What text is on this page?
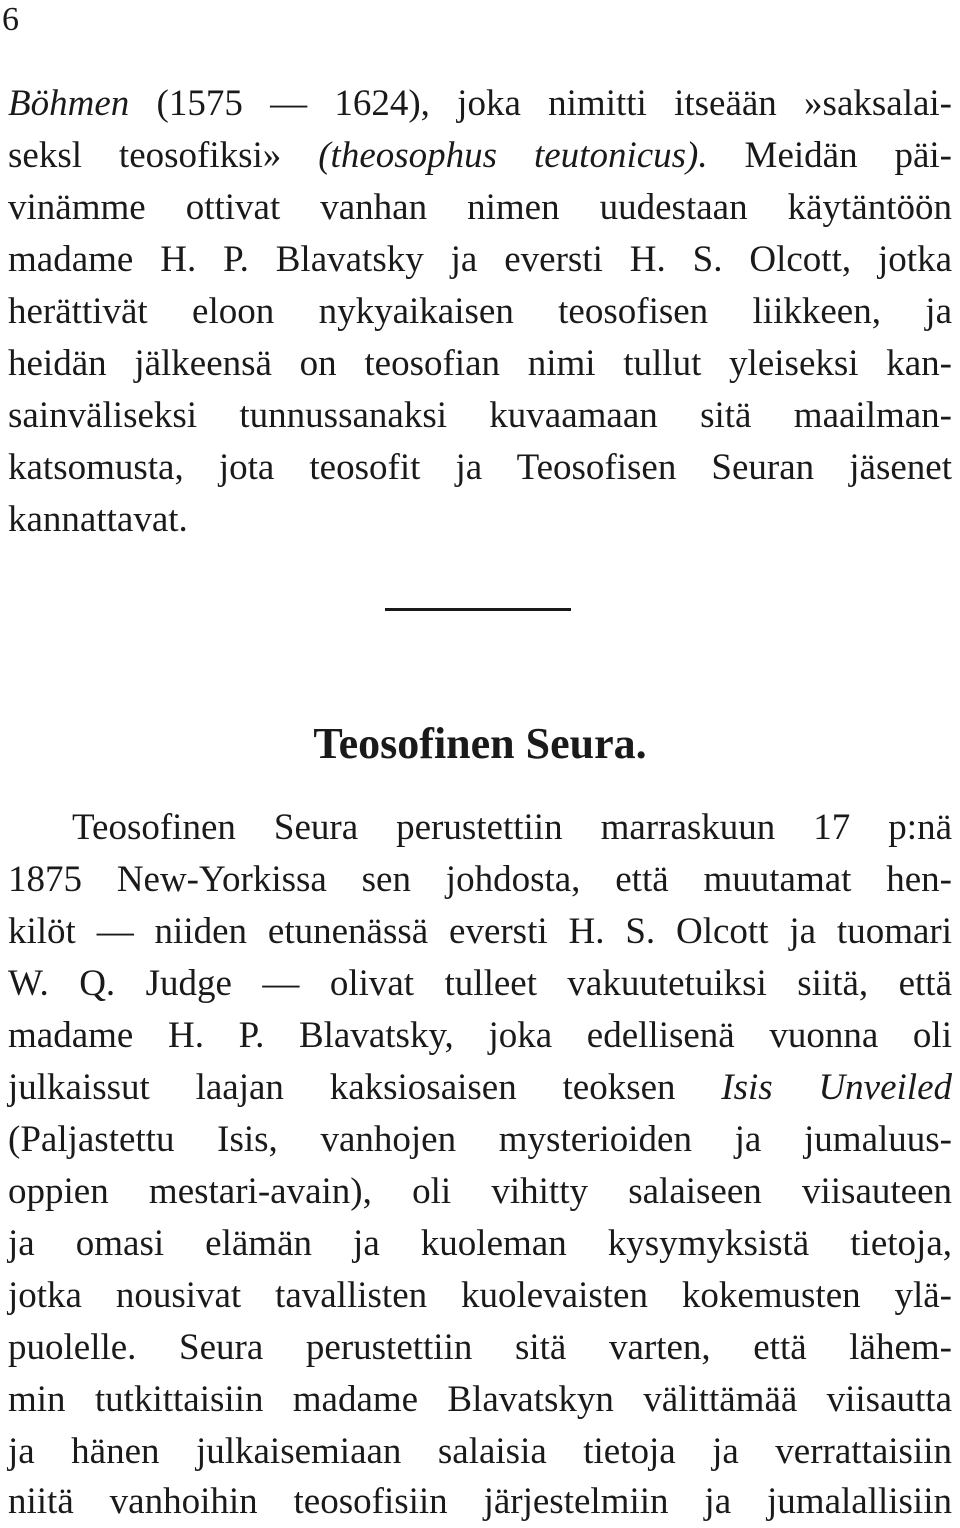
6
Böhmen (1575 — 1624), joka nimitti itseään »saksalai-
seksl teosofiksi» (theosophus teutonicus). Meidän päi-
vinämme ottivat vanhan nimen uudestaan käytäntöön
madame H. P. Blavatsky ja eversti H. S. Olcott, jotka
herättivät eloon nykyaikaisen teosofisen liikkeen, ja
heidän jälkeensä on teosofian nimi tullut yleiseksi kan-
sainväliseksi tunnussanaksi kuvaamaan sitä maailman-
katsomusta, jota teosofit ja Teosofisen Seuran jäsenet
kannattavat.
Teosofinen Seura.
Teosofinen Seura perustettiin marraskuun 17 p:nä
1875 New-Yorkissa sen johdosta, että muutamat hen-
kilöt — niiden etunenässä eversti H. S. Olcott ja tuomari
W. Q. Judge — olivat tulleet vakuutetuiksi siitä, että
madame H. P. Blavatsky, joka edellisenä vuonna oli
julkaissut laajan kaksiosaisen teoksen Isis Unveiled
(Paljastettu Isis, vanhojen mysterioiden ja jumaluus-
oppien mestari-avain), oli vihitty salaiseen viisauteen
ja omasi elämän ja kuoleman kysymyksistä tietoja,
jotka nousivat tavallisten kuolevaisten kokemusten ylä-
puolelle. Seura perustettiin sitä varten, että lähem-
min tutkittaisiin madame Blavatskyn välittämää viisautta
ja hänen julkaisemiaan salaisia tietoja ja verrattaisiin
niitä vanhoihin teosofisiin järjestelmiin ja jumalallisiin
